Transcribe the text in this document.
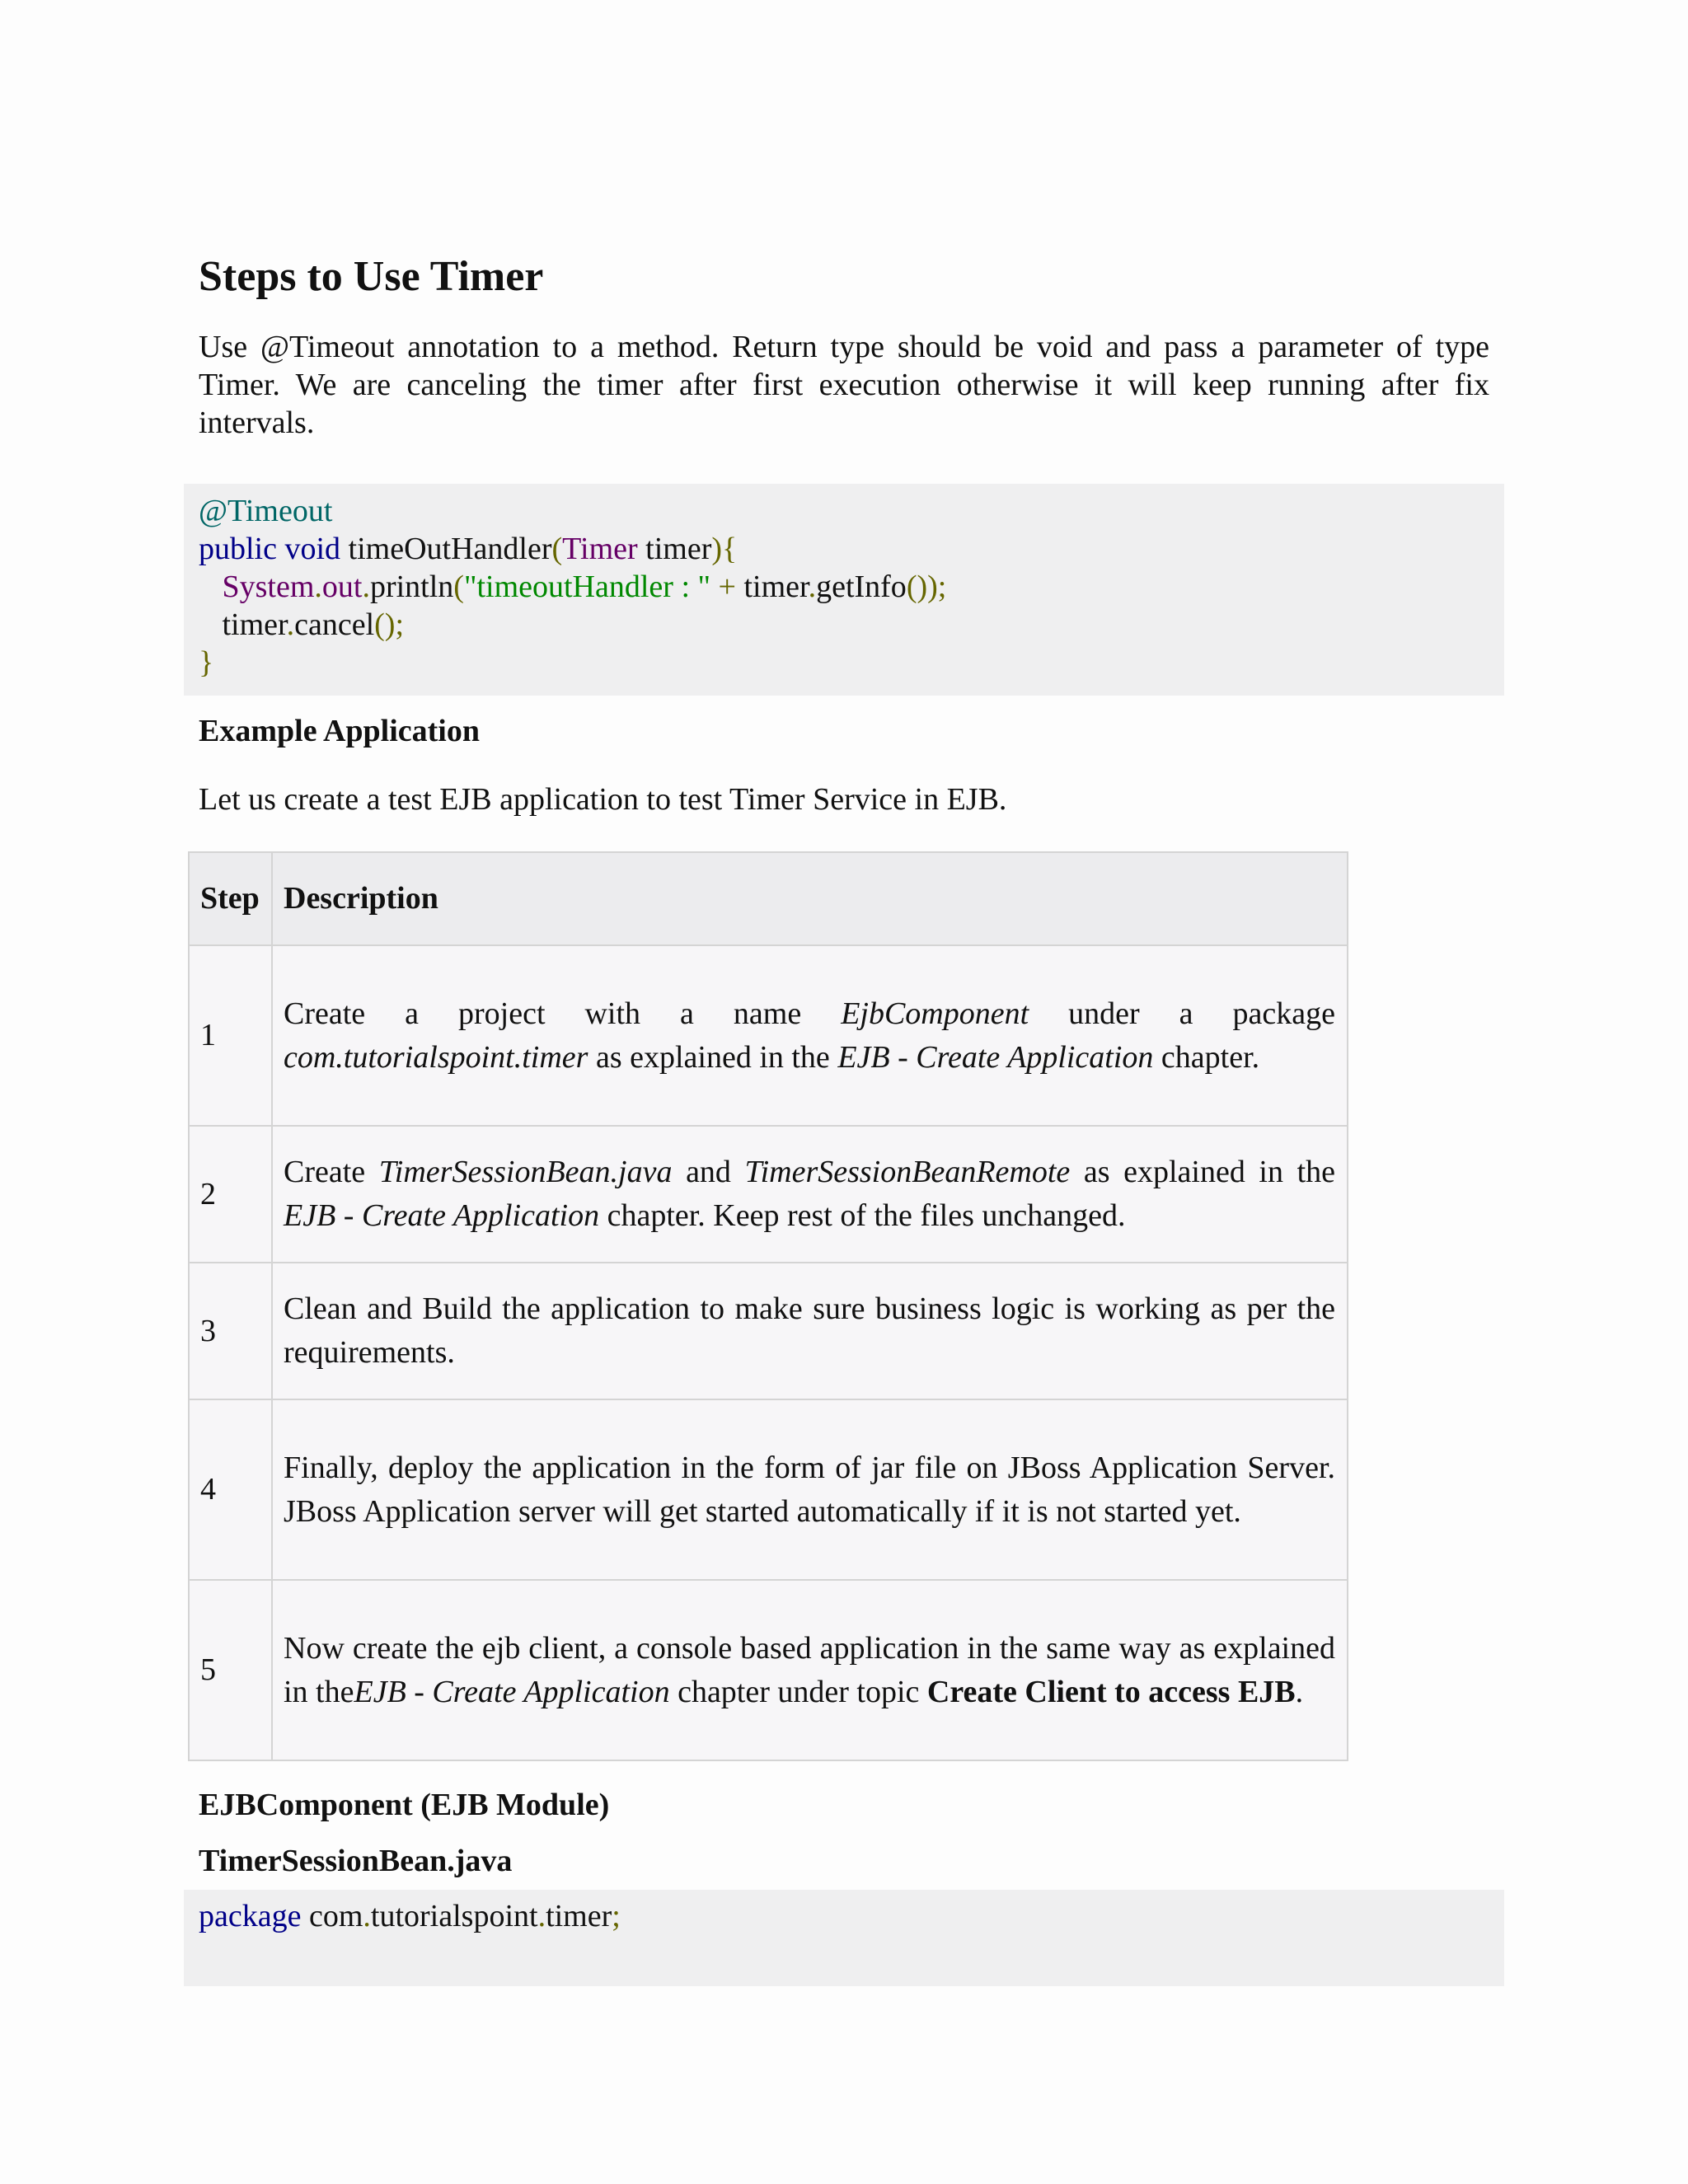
Steps to Use Timer

Use @Timeout annotation to a method. Return type should be void and pass a parameter of type Timer. We are canceling the timer after first execution otherwise it will keep running after fix intervals.

@Timeout
public void timeOutHandler(Timer timer){
System.out.println("timeoutHandler : " + timer.getInfo());
timer.cancel();
}
Example Application

Let us create a test EJB application to test Timer Service in EJB.

Step	Description
1	Create a project with a name EjbComponent under a package com.tutorialspoint.timer as explained in the EJB - Create Application chapter.
2	Create TimerSessionBean.java and TimerSessionBeanRemote as explained in the EJB - Create Application chapter. Keep rest of the files unchanged.
3	Clean and Build the application to make sure business logic is working as per the requirements.
4	Finally, deploy the application in the form of jar file on JBoss Application Server. JBoss Application server will get started automatically if it is not started yet.
5	Now create the ejb client, a console based application in the same way as explained in theEJB - Create Application chapter under topic Create Client to access EJB.
EJBComponent (EJB Module)
TimerSessionBean.java
package com.tutorialspoint.timer;
